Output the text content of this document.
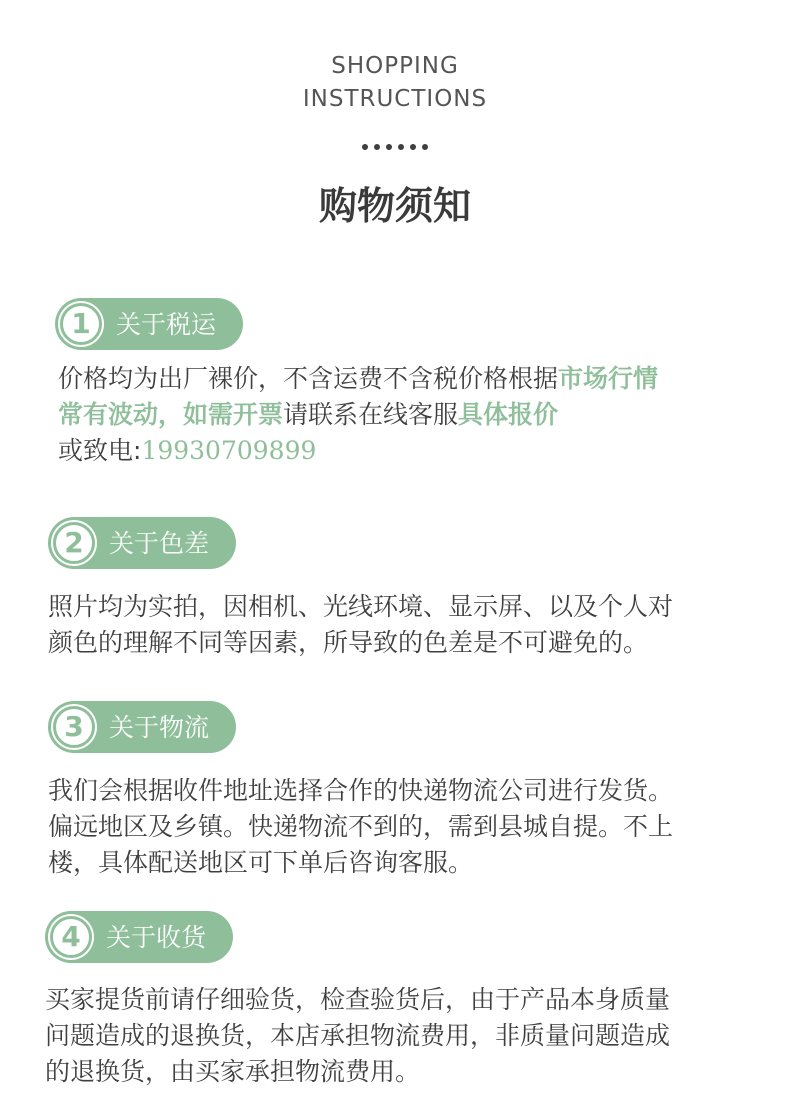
SHOPPING
INSTRUCTIONS
购物须知
1	关于税运
价格均为出厂裸价，不含运费不含税价格根据市场行情
常有波动，如需开票请联系在线客服具体报价
或致电:19930709899
2	关于色差
照片均为实拍，因相机、光线环境、显示屏、以及个人对
颜色的理解不同等因素，所导致的色差是不可避免的。
3	关于物流
我们会根据收件地址选择合作的快递物流公司进行发货。
偏远地区及乡镇。快递物流不到的，需到县城自提。不上
楼，具体配送地区可下单后咨询客服。
4	关于收货
买家提货前请仔细验货，检查验货后，由于产品本身质量
问题造成的退换货，本店承担物流费用，非质量问题造成
的退换货，由买家承担物流费用。
